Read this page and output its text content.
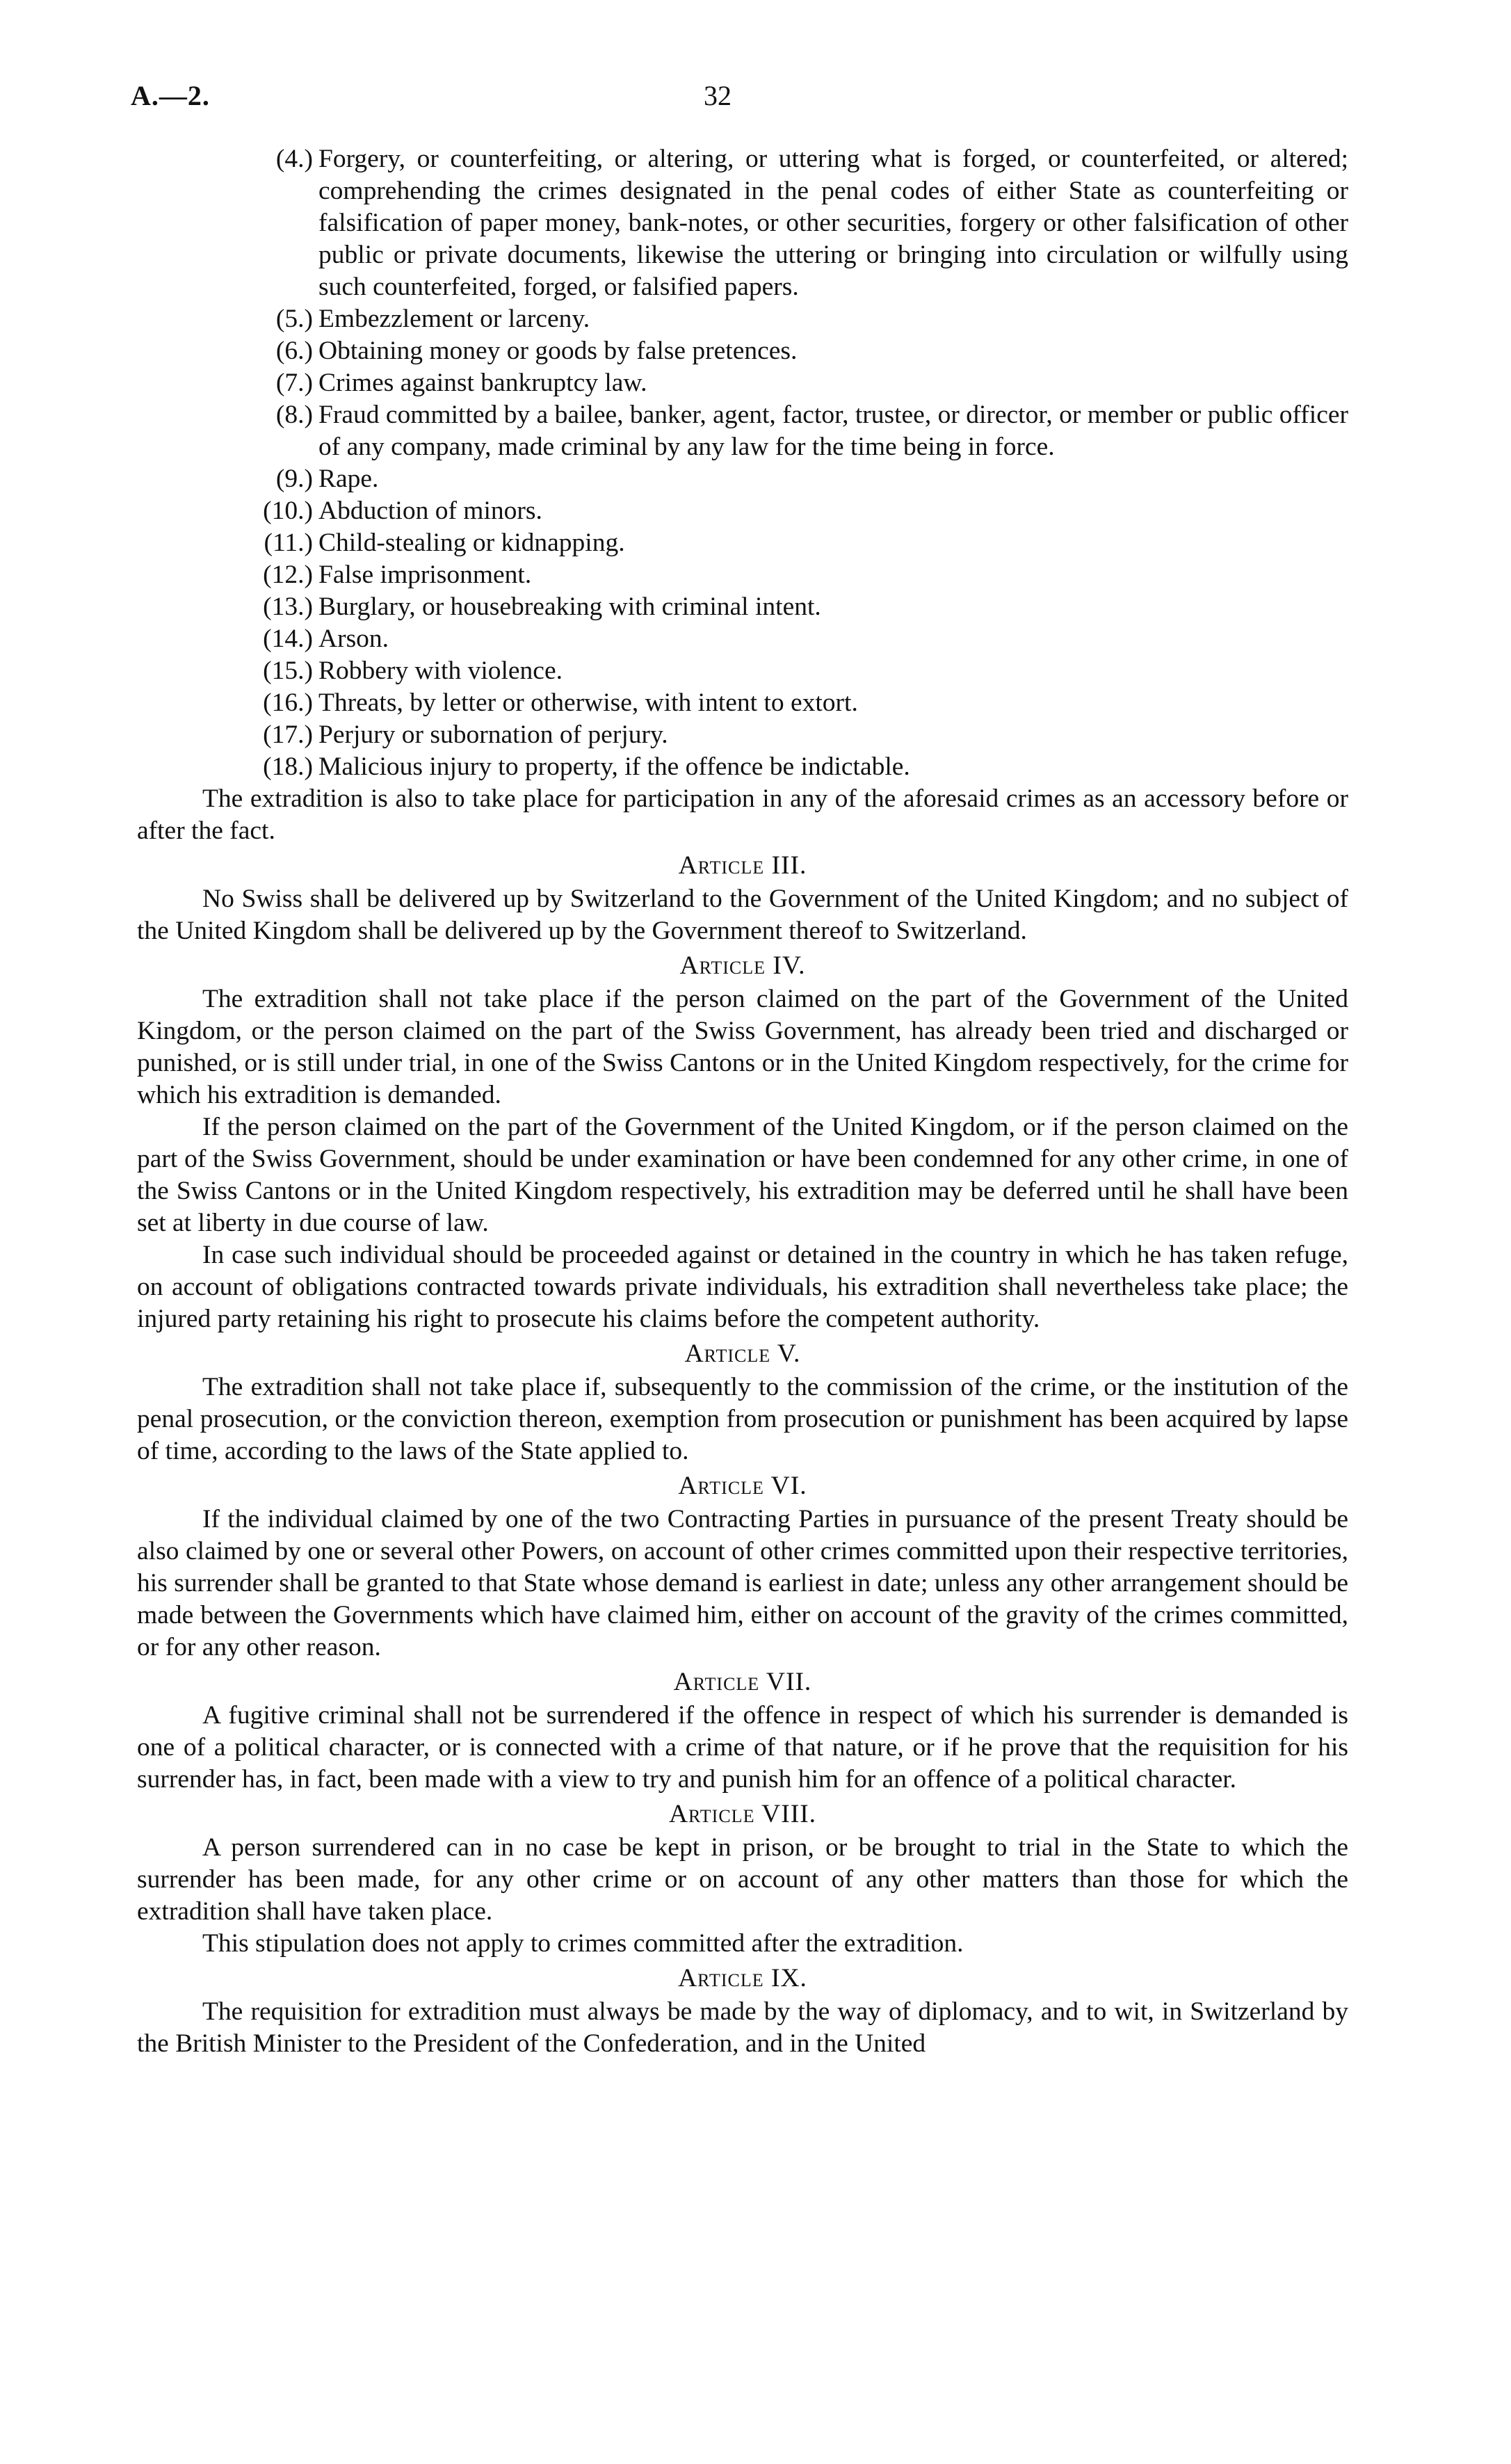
A.—2.	32
(4.) Forgery, or counterfeiting, or altering, or uttering what is forged, or counterfeited, or altered; comprehending the crimes designated in the penal codes of either State as counterfeiting or falsification of paper money, bank-notes, or other securities, forgery or other falsification of other public or private documents, likewise the uttering or bringing into circulation or wilfully using such counterfeited, forged, or falsified papers.
(5.) Embezzlement or larceny.
(6.) Obtaining money or goods by false pretences.
(7.) Crimes against bankruptcy law.
(8.) Fraud committed by a bailee, banker, agent, factor, trustee, or director, or member or public officer of any company, made criminal by any law for the time being in force.
(9.) Rape.
(10.) Abduction of minors.
(11.) Child-stealing or kidnapping.
(12.) False imprisonment.
(13.) Burglary, or housebreaking with criminal intent.
(14.) Arson.
(15.) Robbery with violence.
(16.) Threats, by letter or otherwise, with intent to extort.
(17.) Perjury or subornation of perjury.
(18.) Malicious injury to property, if the offence be indictable.

The extradition is also to take place for participation in any of the aforesaid crimes as an accessory before or after the fact.

Article III.

No Swiss shall be delivered up by Switzerland to the Government of the United Kingdom; and no subject of the United Kingdom shall be delivered up by the Government thereof to Switzerland.

Article IV.

The extradition shall not take place if the person claimed on the part of the Government of the United Kingdom, or the person claimed on the part of the Swiss Government, has already been tried and discharged or punished, or is still under trial, in one of the Swiss Cantons or in the United Kingdom respectively, for the crime for which his extradition is demanded.

If the person claimed on the part of the Government of the United Kingdom, or if the person claimed on the part of the Swiss Government, should be under examination or have been condemned for any other crime, in one of the Swiss Cantons or in the United Kingdom respectively, his extradition may be deferred until he shall have been set at liberty in due course of law.

In case such individual should be proceeded against or detained in the country in which he has taken refuge, on account of obligations contracted towards private individuals, his extradition shall nevertheless take place; the injured party retaining his right to prosecute his claims before the competent authority.

Article V.

The extradition shall not take place if, subsequently to the commission of the crime, or the institution of the penal prosecution, or the conviction thereon, exemption from prosecution or punishment has been acquired by lapse of time, according to the laws of the State applied to.

Article VI.

If the individual claimed by one of the two Contracting Parties in pursuance of the present Treaty should be also claimed by one or several other Powers, on account of other crimes committed upon their respective territories, his surrender shall be granted to that State whose demand is earliest in date; unless any other arrangement should be made between the Governments which have claimed him, either on account of the gravity of the crimes committed, or for any other reason.

Article VII.

A fugitive criminal shall not be surrendered if the offence in respect of which his surrender is demanded is one of a political character, or is connected with a crime of that nature, or if he prove that the requisition for his surrender has, in fact, been made with a view to try and punish him for an offence of a political character.

Article VIII.

A person surrendered can in no case be kept in prison, or be brought to trial in the State to which the surrender has been made, for any other crime or on account of any other matters than those for which the extradition shall have taken place.

This stipulation does not apply to crimes committed after the extradition.

Article IX.

The requisition for extradition must always be made by the way of diplomacy, and to wit, in Switzerland by the British Minister to the President of the Confederation, and in the United
